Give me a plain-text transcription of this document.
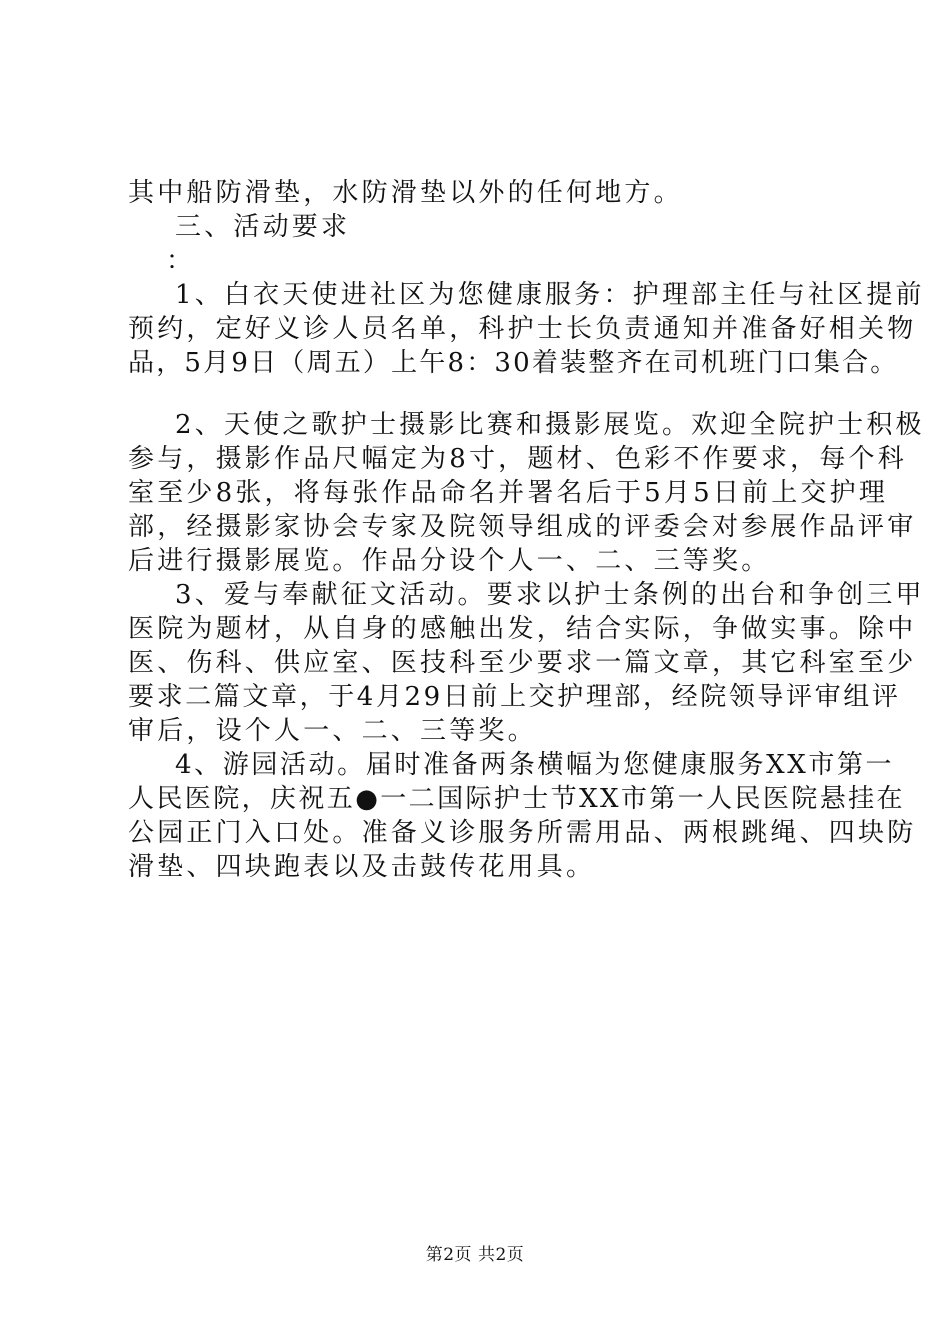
其中船防滑垫，水防滑垫以外的任何地方。
三、活动要求
：
1、白衣天使进社区为您健康服务：护理部主任与社区提前
预约，定好义诊人员名单，科护士长负责通知并准备好相关物
品，5月9日（周五）上午8：30着装整齐在司机班门口集合。
2、天使之歌护士摄影比赛和摄影展览。欢迎全院护士积极
参与，摄影作品尺幅定为8寸，题材、色彩不作要求，每个科
室至少8张，将每张作品命名并署名后于5月5日前上交护理
部，经摄影家协会专家及院领导组成的评委会对参展作品评审
后进行摄影展览。作品分设个人一、二、三等奖。
3、爱与奉献征文活动。要求以护士条例的出台和争创三甲
医院为题材，从自身的感触出发，结合实际，争做实事。除中
医、伤科、供应室、医技科至少要求一篇文章，其它科室至少
要求二篇文章，于4月29日前上交护理部，经院领导评审组评
审后，设个人一、二、三等奖。
4、游园活动。届时准备两条横幅为您健康服务XX市第一
人民医院，庆祝五●一二国际护士节XX市第一人民医院悬挂在
公园正门入口处。准备义诊服务所需用品、两根跳绳、四块防
滑垫、四块跑表以及击鼓传花用具。
第2页 共2页
